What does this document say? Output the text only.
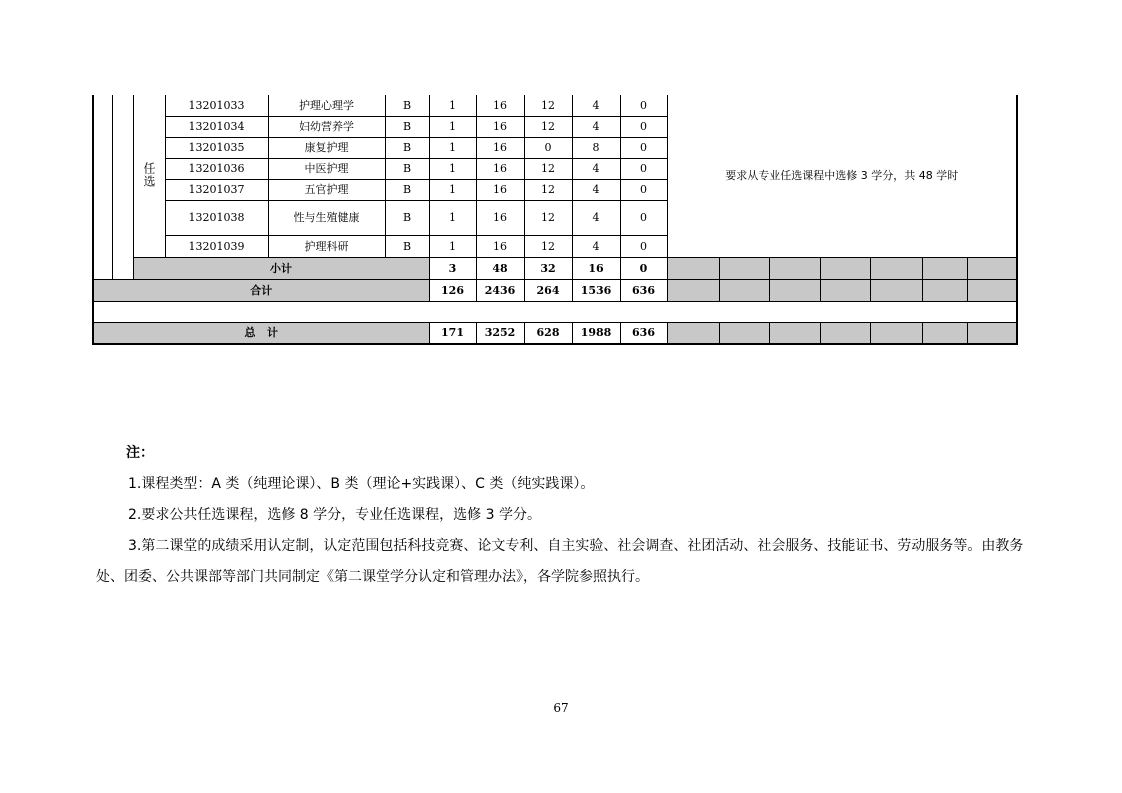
		任选	13201033	护理心理学	B	1	16	12	4	0	要求从专业任选课程中选修 3 学分，共 48 学时						
			13201034	妇幼营养学	B	1	16	12	4	0							
			13201035	康复护理	B	1	16	0	8	0							
			13201036	中医护理	B	1	16	12	4	0							
			13201037	五官护理	B	1	16	12	4	0							
			13201038	性与生殖健康	B	1	16	12	4	0							
			13201039	护理科研	B	1	16	12	4	0							
		小计				3	48	32	16	0							
合计						126	2436	264	1536	636							

总   计						171	3252	628	1988	636							
注：
1.课程类型：A 类（纯理论课）、B 类（理论+实践课）、C 类（纯实践课）。
2.要求公共任选课程，选修 8 学分，专业任选课程，选修 3 学分。
3.第二课堂的成绩采用认定制，认定范围包括科技竞赛、论文专利、自主实验、社会调查、社团活动、社会服务、技能证书、劳动服务等。由教务处、团委、公共课部等部门共同制定《第二课堂学分认定和管理办法》，各学院参照执行。
67
